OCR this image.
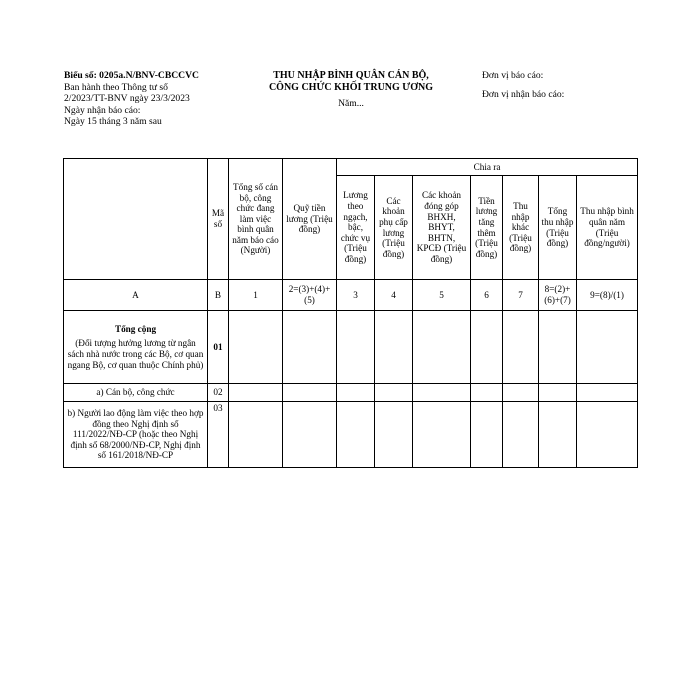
Biểu số: 0205a.N/BNV-CBCCVC
Ban hành theo Thông tư số
2/2023/TT-BNV ngày 23/3/2023
Ngày nhận báo cáo:
Ngày 15 tháng 3 năm sau
THU NHẬP BÌNH QUÂN CÁN BỘ,
CÔNG CHỨC KHỐI TRUNG ƯƠNG
Năm...
Đơn vị báo cáo:
Đơn vị nhận báo cáo:
	Mã số	Tổng số cán bộ, công chức đang làm việc bình quân năm báo cáo (Người)	Quỹ tiền lương (Triệu đồng)	Chia ra						
				Lương theo ngạch, bậc, chức vụ (Triệu đồng)	Các khoản phụ cấp lương (Triệu đồng)	Các khoản đóng góp BHXH, BHYT, BHTN, KPCĐ (Triệu đồng)	Tiền lương tăng thêm (Triệu đồng)	Thu nhập khác (Triệu đồng)	Tổng thu nhập (Triệu đồng)	Thu nhập bình quân năm (Triệu đồng/người)
A	B	1	2=(3)+(4)+(5)	3	4	5	6	7	8=(2)+(6)+(7)	9=(8)/(1)
Tổng cộng
(Đối tượng hưởng lương từ ngân sách nhà nước trong các Bộ, cơ quan ngang Bộ, cơ quan thuộc Chính phủ)	01									
a) Cán bộ, công chức	02									
b) Người lao động làm việc theo hợp đồng theo Nghị định số 111/2022/NĐ-CP (hoặc theo Nghị định số 68/2000/NĐ-CP, Nghị định số 161/2018/NĐ-CP	03									
